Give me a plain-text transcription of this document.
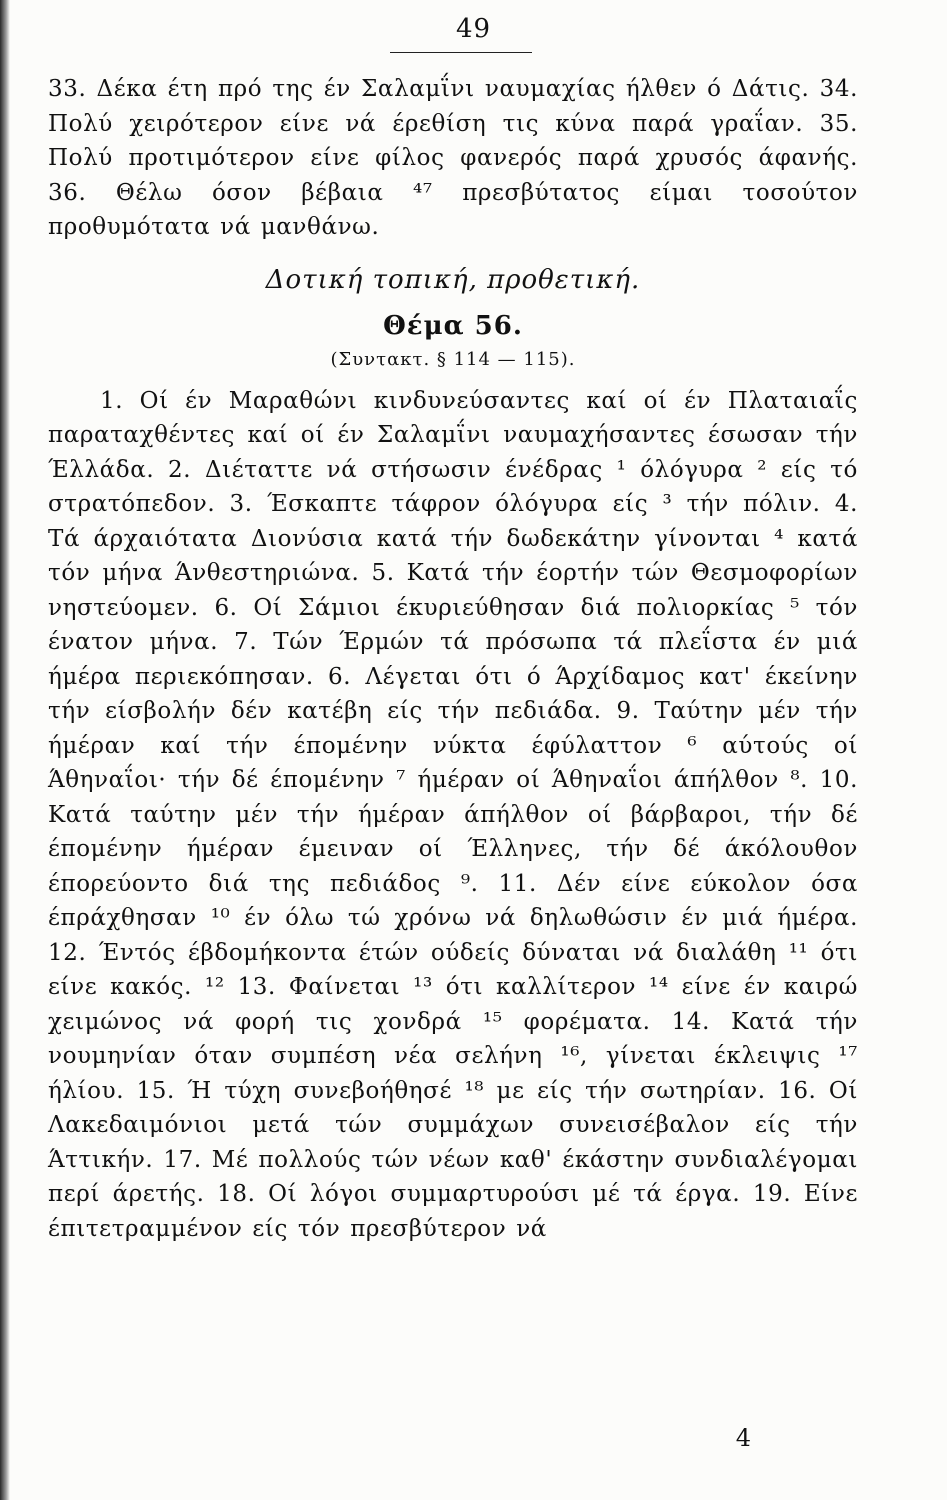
49

33. Δέκα έτη πρό της έν Σαλαμΐνι ναυμαχίας ήλθεν ό Δάτις. 34. Πολύ χειρότερον είνε νά έρεθίση τις κύνα παρά γραΐαν. 35. Πολύ προτιμότερον είνε φίλος φανερός παρά χρυσός άφανής. 36. Θέλω όσον βέβαια ⁴⁷ πρεσβύτατος είμαι τοσούτον προθυμότατα νά μανθάνω.

Δοτική τοπική, προθετική.
Θέμα 56.
(Συντακτ. § 114 — 115).

1. Οί έν Μαραθώνι κινδυνεύσαντες καί οί έν Πλαταιαΐς παραταχθέντες καί οί έν Σαλαμΐνι ναυμαχήσαντες έσωσαν τήν Έλλάδα. 2. Διέταττε νά στήσωσιν ένέδρας ¹ όλόγυρα ² είς τό στρατόπεδον. 3. Έσκαπτε τάφρον όλόγυρα είς ³ τήν πόλιν. 4. Τά άρχαιότατα Διονύσια κατά τήν δωδεκάτην γίνονται ⁴ κατά τόν μήνα Άνθεστηριώνα. 5. Κατά τήν έορτήν τών Θεσμοφορίων νηστεύομεν. 6. Οί Σάμιοι έκυριεύθησαν διά πολιορκίας ⁵ τόν ένατον μήνα. 7. Τών Έρμών τά πρόσωπα τά πλεΐστα έν μιά ήμέρα περιεκόπησαν. 6. Λέγεται ότι ό Άρχίδαμος κατ' έκείνην τήν είσβολήν δέν κατέβη είς τήν πεδιάδα. 9. Ταύτην μέν τήν ήμέραν καί τήν έπομένην νύκτα έφύλαττον ⁶ αύτούς οί Άθηναΐοι· τήν δέ έπομένην ⁷ ήμέραν οί Άθηναΐοι άπήλθον ⁸. 10. Κατά ταύτην μέν τήν ήμέραν άπήλθον οί βάρβαροι, τήν δέ έπομένην ήμέραν έμειναν οί Έλληνες, τήν δέ άκόλουθον έπορεύοντο διά της πεδιάδος ⁹. 11. Δέν είνε εύκολον όσα έπράχθησαν ¹⁰ έν όλω τώ χρόνω νά δηλωθώσιν έν μιά ήμέρα. 12. Έντός έβδομήκοντα έτών ούδείς δύναται νά διαλάθη ¹¹ ότι είνε κακός. ¹² 13. Φαίνεται ¹³ ότι καλλίτερον ¹⁴ είνε έν καιρώ χειμώνος νά φορή τις χονδρά ¹⁵ φορέματα. 14. Κατά τήν νουμηνίαν όταν συμπέση νέα σελήνη ¹⁶, γίνεται έκλειψις ¹⁷ ήλίου. 15. Ή τύχη συνεβοήθησέ ¹⁸ με είς τήν σωτηρίαν. 16. Οί Λακεδαιμόνιοι μετά τών συμμάχων συνεισέβαλον είς τήν Άττικήν. 17. Μέ πολλούς τών νέων καθ' έκάστην συνδιαλέγομαι περί άρετής. 18. Οί λόγοι συμμαρτυρούσι μέ τά έργα. 19. Είνε έπιτετραμμένον είς τόν πρεσβύτερον νά

4
